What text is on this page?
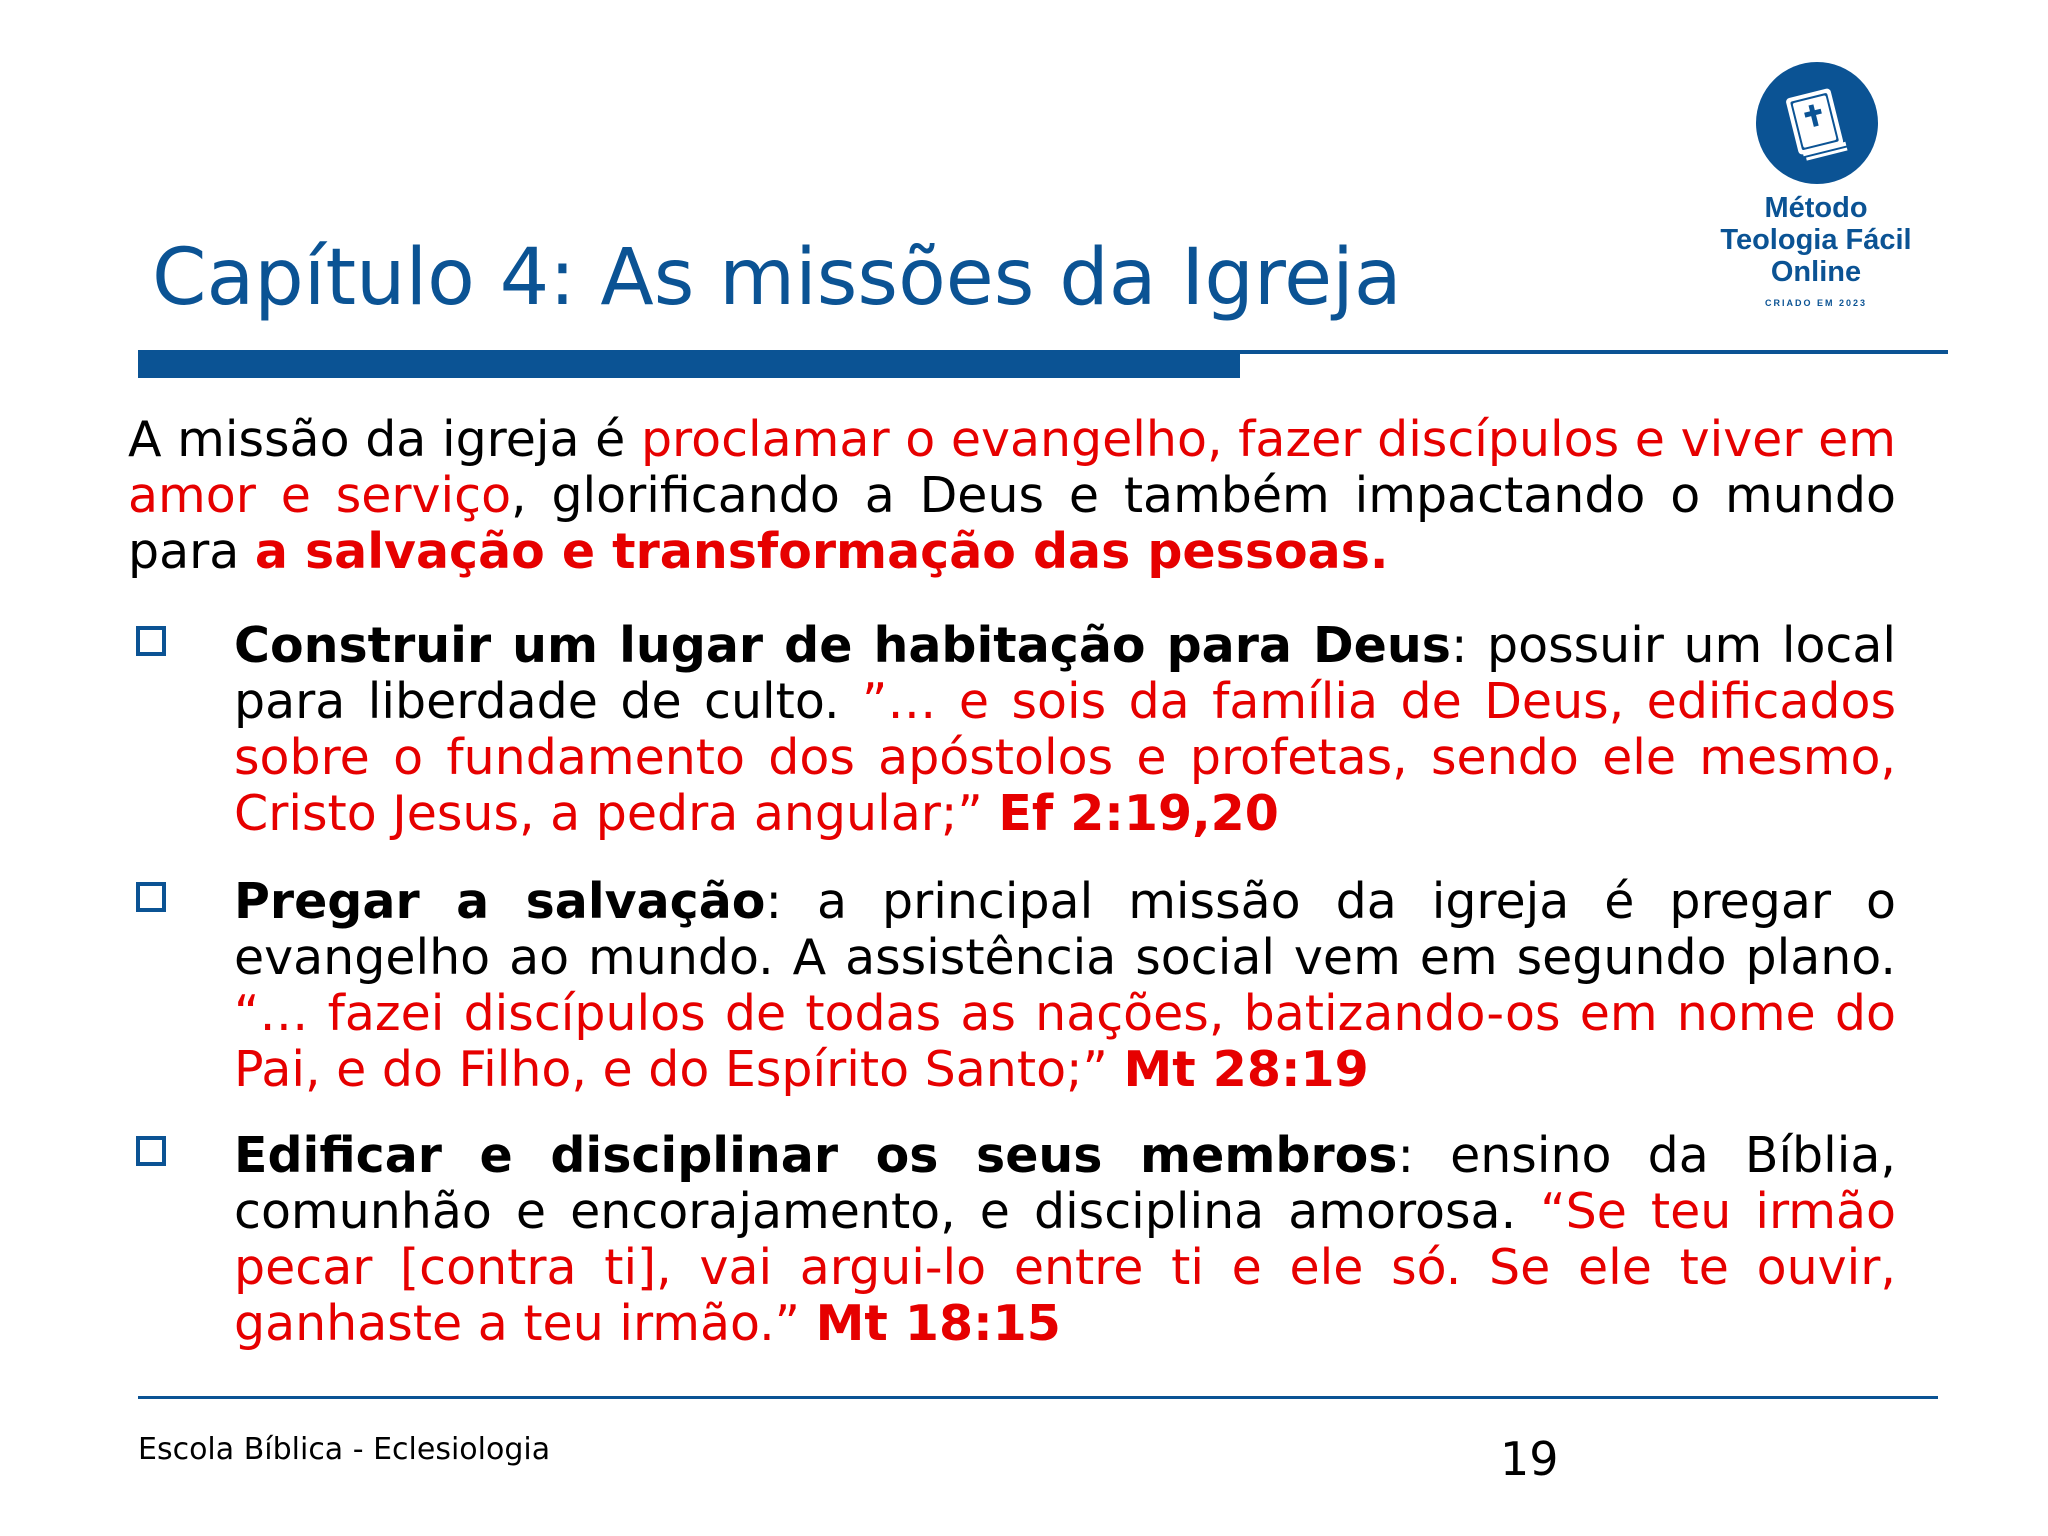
Capítulo 4: As missões da Igreja
Método
Teologia Fácil
Online
CRIADO EM 2023
A missão da igreja é proclamar o evangelho, fazer discípulos e viver em amor e serviço, glorificando a Deus e também impactando o mundo para a salvação e transformação das pessoas.
Construir um lugar de habitação para Deus: possuir um local para liberdade de culto. ”… e sois da família de Deus, edificados sobre o fundamento dos apóstolos e profetas, sendo ele mesmo, Cristo Jesus, a pedra angular;” Ef 2:19,20
Pregar a salvação: a principal missão da igreja é pregar o evangelho ao mundo. A assistência social vem em segundo plano. “… fazei discípulos de todas as nações, batizando-os em nome do Pai, e do Filho, e do Espírito Santo;” Mt 28:19
Edificar e disciplinar os seus membros: ensino da Bíblia, comunhão e encorajamento, e disciplina amorosa. “Se teu irmão pecar [contra ti], vai argui-lo entre ti e ele só. Se ele te ouvir, ganhaste a teu irmão.” Mt 18:15
Escola Bíblica - Eclesiologia	19
